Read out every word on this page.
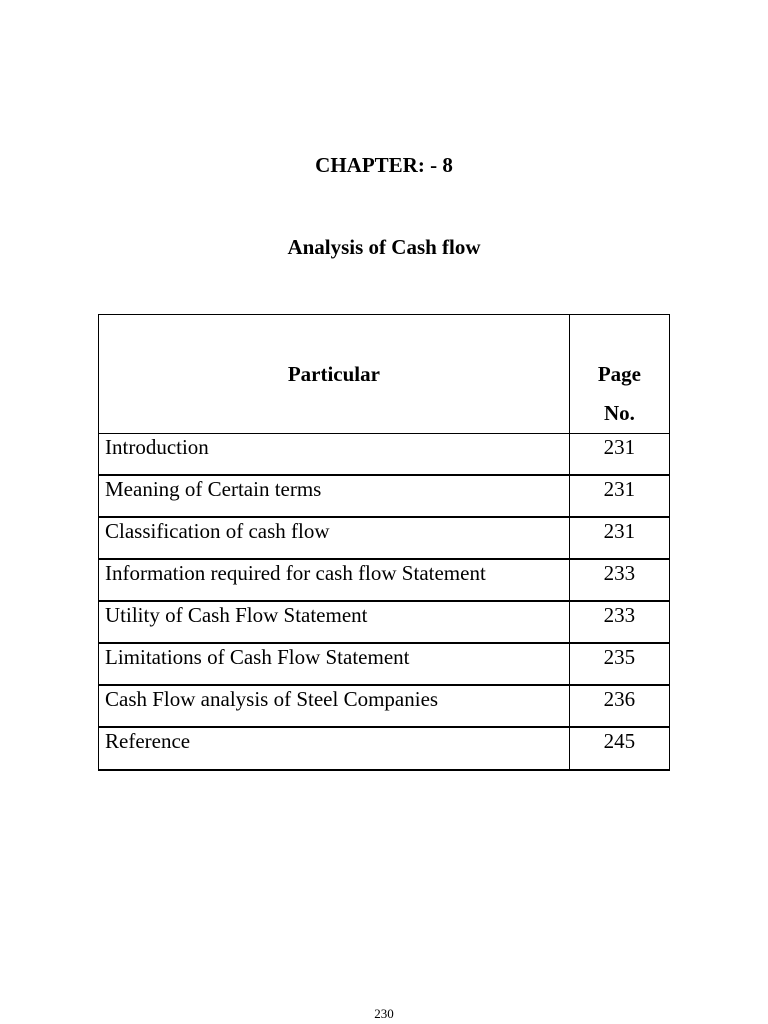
CHAPTER: - 8
Analysis of Cash flow
Particular	Page
No.
Introduction	231
Meaning of Certain terms	231
Classification of cash flow	231
Information required for cash flow Statement	233
Utility of Cash Flow Statement	233
Limitations of Cash Flow Statement	235
Cash Flow analysis of Steel Companies	236
Reference	245
230
